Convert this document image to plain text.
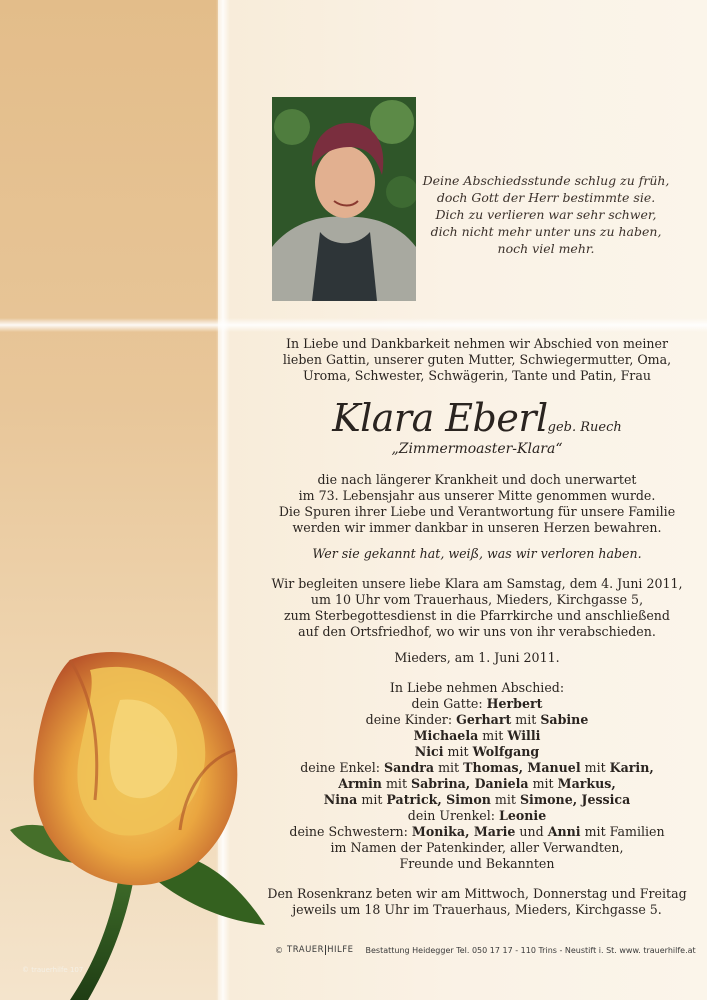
Deine Abschiedsstunde schlug zu früh,
doch Gott der Herr bestimmte sie.
Dich zu verlieren war sehr schwer,
dich nicht mehr unter uns zu haben,
noch viel mehr.
In Liebe und Dankbarkeit nehmen wir Abschied von meiner
lieben Gattin, unserer guten Mutter, Schwiegermutter, Oma,
Uroma, Schwester, Schwägerin, Tante und Patin, Frau
Klara Eberlgeb. Ruech
„Zimmermoaster-Klara“
die nach längerer Krankheit und doch unerwartet
im 73. Lebensjahr aus unserer Mitte genommen wurde.
Die Spuren ihrer Liebe und Verantwortung für unsere Familie
werden wir immer dankbar in unseren Herzen bewahren.
Wer sie gekannt hat, weiß, was wir verloren haben.
Wir begleiten unsere liebe Klara am Samstag, dem 4. Juni 2011,
um 10 Uhr vom Trauerhaus, Mieders, Kirchgasse 5,
zum Sterbegottesdienst in die Pfarrkirche und anschließend
auf den Ortsfriedhof, wo wir uns von ihr verabschieden.
Mieders, am 1. Juni 2011.
In Liebe nehmen Abschied:
dein Gatte: Herbert
deine Kinder: Gerhart mit Sabine
Michaela mit Willi
Nici mit Wolfgang
deine Enkel: Sandra mit Thomas, Manuel mit Karin,
Armin mit Sabrina, Daniela mit Markus,
Nina mit Patrick, Simon mit Simone, Jessica
dein Urenkel: Leonie
deine Schwestern: Monika, Marie und Anni mit Familien
im Namen der Patenkinder, aller Verwandten,
Freunde und Bekannten
Den Rosenkranz beten wir am Mittwoch, Donnerstag und Freitag
jeweils um 18 Uhr im Trauerhaus, Mieders, Kirchgasse 5.
© TRAUER HILFE Bestattung Heidegger Tel. 050 17 17 - 110 Trins - Neustift i. St. www. trauerhilfe.at
© trauerhilfe 107
